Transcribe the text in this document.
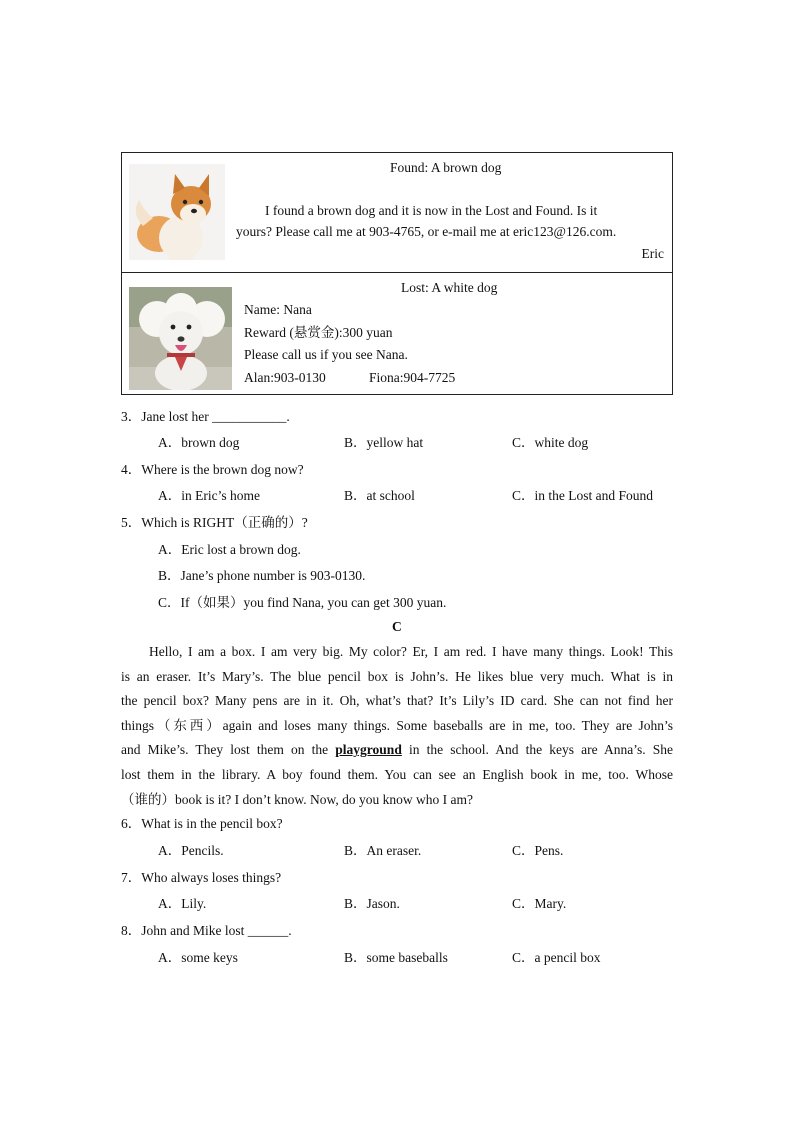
Found: A brown dog
I found a brown dog and it is now in the Lost and Found. Is it
yours? Please call me at 903-4765, or e-mail me at eric123@126.com.
Eric
Lost: A white dog
Name: Nana
Reward (悬赏金):300 yuan
Please call us if you see Nana.
Alan:903-0130	Fiona:904-7725
3．Jane lost her ___________.
A．brown dog	B．yellow hat	C．white dog
4．Where is the brown dog now?
A．in Eric’s home	B．at school	C．in the Lost and Found
5．Which is RIGHT（正确的）?
A．Eric lost a brown dog.
B．Jane’s phone number is 903-0130.
C．If（如果）you find Nana, you can get 300 yuan.
C
Hello, I am a box. I am very big. My color? Er, I am red. I have many things. Look! This
is an eraser. It’s Mary’s. The blue pencil box is John’s. He likes blue very much. What is in
the pencil box? Many pens are in it. Oh, what’s that? It’s Lily’s ID card. She can not find her
things（东西）again and loses many things. Some baseballs are in me, too. They are John’s
and Mike’s. They lost them on the playground in the school. And the keys are Anna’s. She
lost them in the library. A boy found them. You can see an English book in me, too. Whose
（谁的）book is it? I don’t know. Now, do you know who I am?
6．What is in the pencil box?
A．Pencils.	B．An eraser.	C．Pens.
7．Who always loses things?
A．Lily.	B．Jason.	C．Mary.
8．John and Mike lost ______.
A．some keys	B．some baseballs	C．a pencil box
